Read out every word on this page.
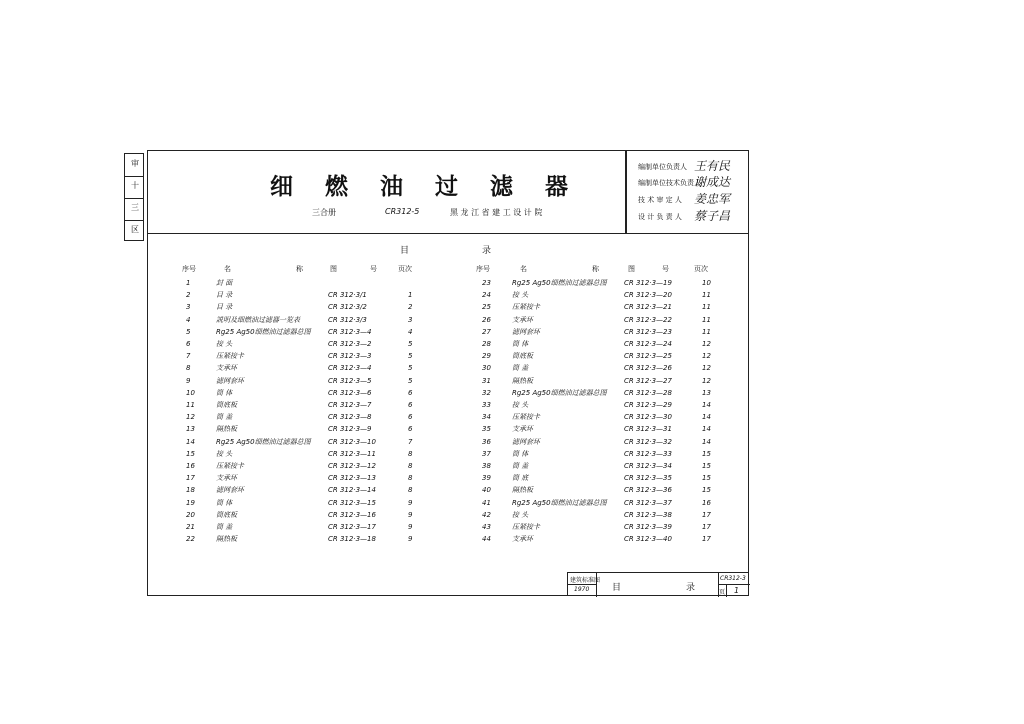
审
十
三
区
细 燃 油 过 滤 器
三合册	CR312-5	黑 龙 江 省 建 工 设 计 院
编制单位负责人 王有民
编制单位技术负责人
谢成达
技 术 审 定 人 姜忠军
设 计 负 责 人 蔡子昌
目	录
序号	名	称	图	号	页次	序号	名	称	图	号	页次
1	封 面
2	目 录	CR 312·3/1	1
3	目 录	CR 312·3/2	2
4	説明及细燃油过滤器一览表	CR 312·3/3	3
5	Rg25 Ag50细燃油过滤器总图 CR 312·3—4	4
6	接 头	CR 312·3—2	5
7	压紧接卡	CR 312·3—3	5
8	支承环	CR 312·3—4	5
9	滤网套环	CR 312·3—5	5
10	筒 体	CR 312·3—6	6
11	筒底板	CR 312·3—7	6
12	筒 盖	CR 312·3—8	6
13	隔热板	CR 312·3—9	6
14	Rg25 Ag50细燃油过滤器总图 CR 312·3—10	7
15	接 头	CR 312·3—11	8
16	压紧接卡	CR 312·3—12	8
17	支承环	CR 312·3—13	8
18	滤网套环	CR 312·3—14	8
19	筒 体	CR 312·3—15	9
20	筒底板	CR 312·3—16	9
21	筒 盖	CR 312·3—17	9
22	隔热板	CR 312·3—18	9
23	Rg25 Ag50细燃油过滤器总图 CR 312·3—19	10
24	接 头	CR 312·3—20	11
25	压紧接卡	CR 312·3—21	11
26	支承环	CR 312·3—22	11
27	滤网套环	CR 312·3—23	11
28	筒 体	CR 312·3—24	12
29	筒底板	CR 312·3—25	12
30	筒 盖	CR 312·3—26	12
31	隔热板	CR 312·3—27	12
32	Rg25 Ag50细燃油过滤器总图 CR 312·3—28	13
33	接 头	CR 312·3—29	14
34	压紧接卡	CR 312·3—30	14
35	支承环	CR 312·3—31	14
36	滤网套环	CR 312·3—32	14
37	筒 体	CR 312·3—33	15
38	筒 盖	CR 312·3—34	15
39	筒 底	CR 312·3—35	15
40	隔热板	CR 312·3—36	15
41	Rg25 Ag50细燃油过滤器总图 CR 312·3—37	16
42	接 头	CR 312·3—38	17
43	压紧接卡	CR 312·3—39	17
44	支承环	CR 312·3—40	17
建筑标准图
1970	目	录
CR312-3
页 1
